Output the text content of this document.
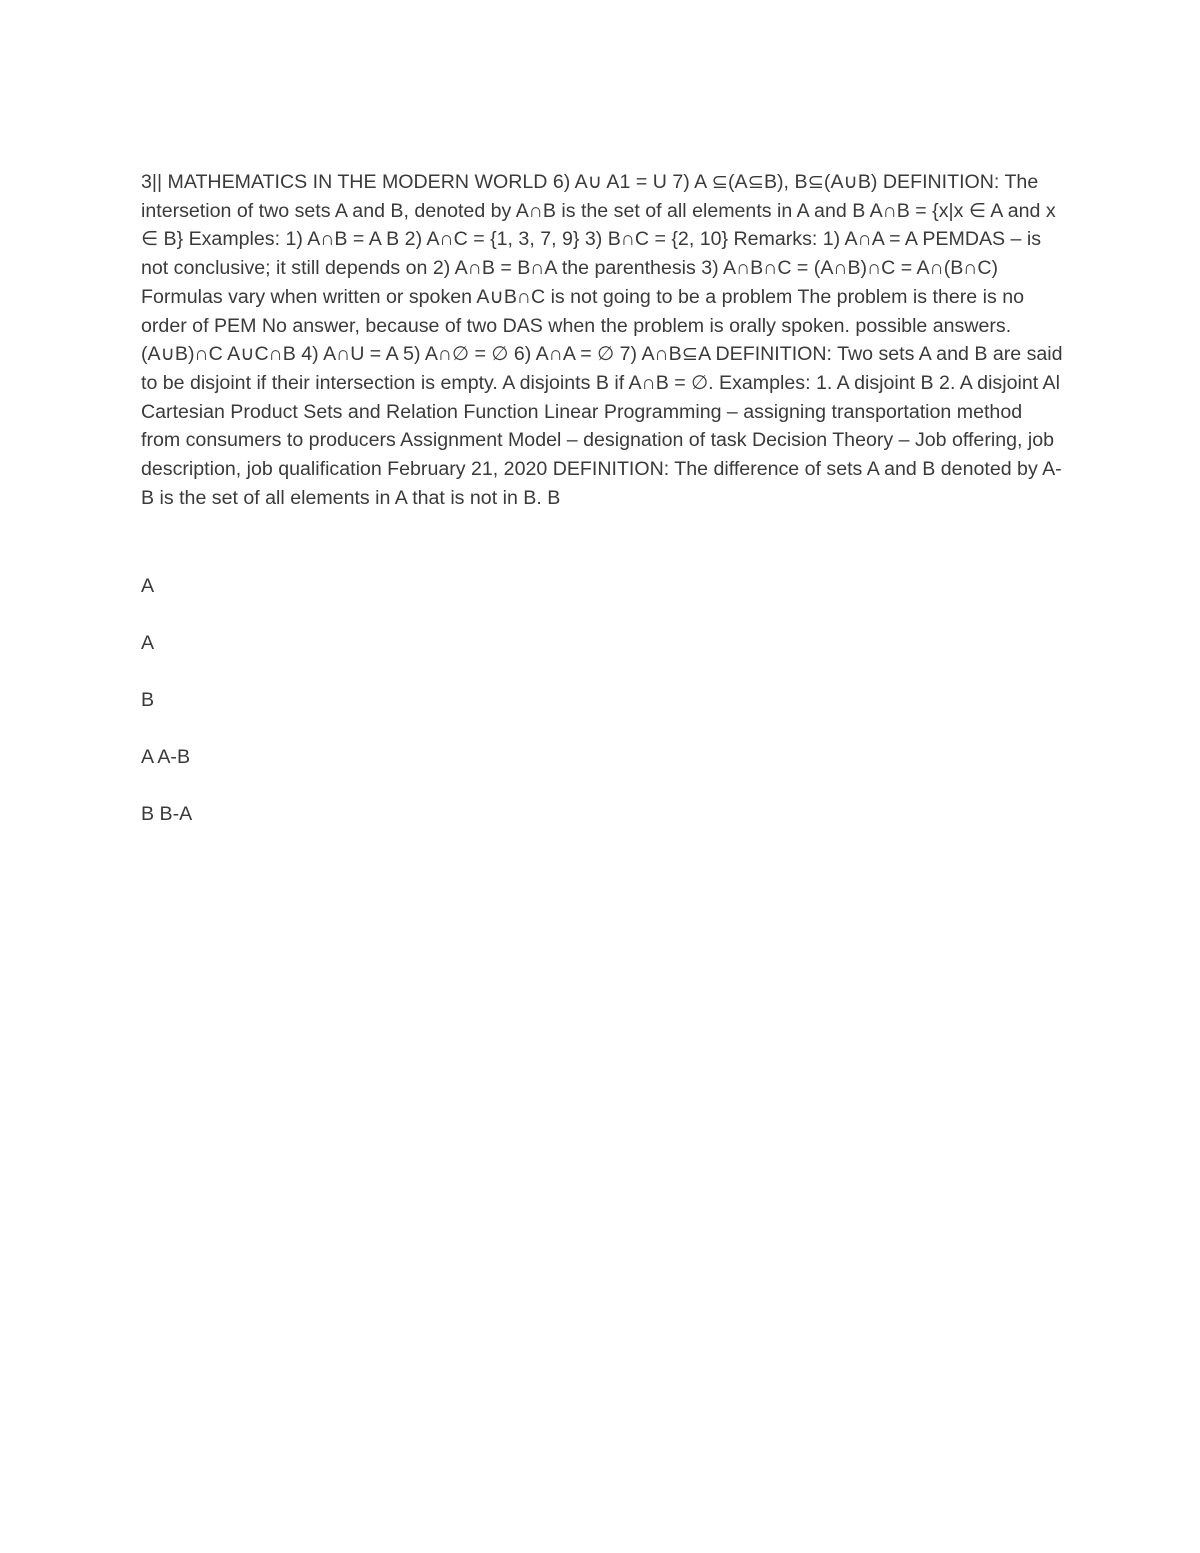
3|| MATHEMATICS IN THE MODERN WORLD 6) A∪ A1 = U 7) A ⊆(A⊆B), B⊆(A∪B) DEFINITION: The intersetion of two sets A and B, denoted by A∩B is the set of all elements in A and B A∩B = {x|x ∈ A and x ∈ B} Examples: 1) A∩B = A B 2) A∩C = {1, 3, 7, 9} 3) B∩C = {2, 10} Remarks: 1) A∩A = A PEMDAS – is not conclusive; it still depends on 2) A∩B = B∩A the parenthesis 3) A∩B∩C = (A∩B)∩C = A∩(B∩C) Formulas vary when written or spoken A∪B∩C is not going to be a problem The problem is there is no order of PEM No answer, because of two DAS when the problem is orally spoken. possible answers. (A∪B)∩C A∪C∩B 4) A∩U = A 5) A∩∅ = ∅ 6) A∩A = ∅ 7) A∩B⊆A DEFINITION: Two sets A and B are said to be disjoint if their intersection is empty. A disjoints B if A∩B = ∅. Examples: 1. A disjoint B 2. A disjoint Al Cartesian Product Sets and Relation Function Linear Programming – assigning transportation method from consumers to producers Assignment Model – designation of task Decision Theory – Job offering, job description, job qualification February 21, 2020 DEFINITION: The difference of sets A and B denoted by A-B is the set of all elements in A that is not in B. B

A

A

B

A A-B

B B-A
